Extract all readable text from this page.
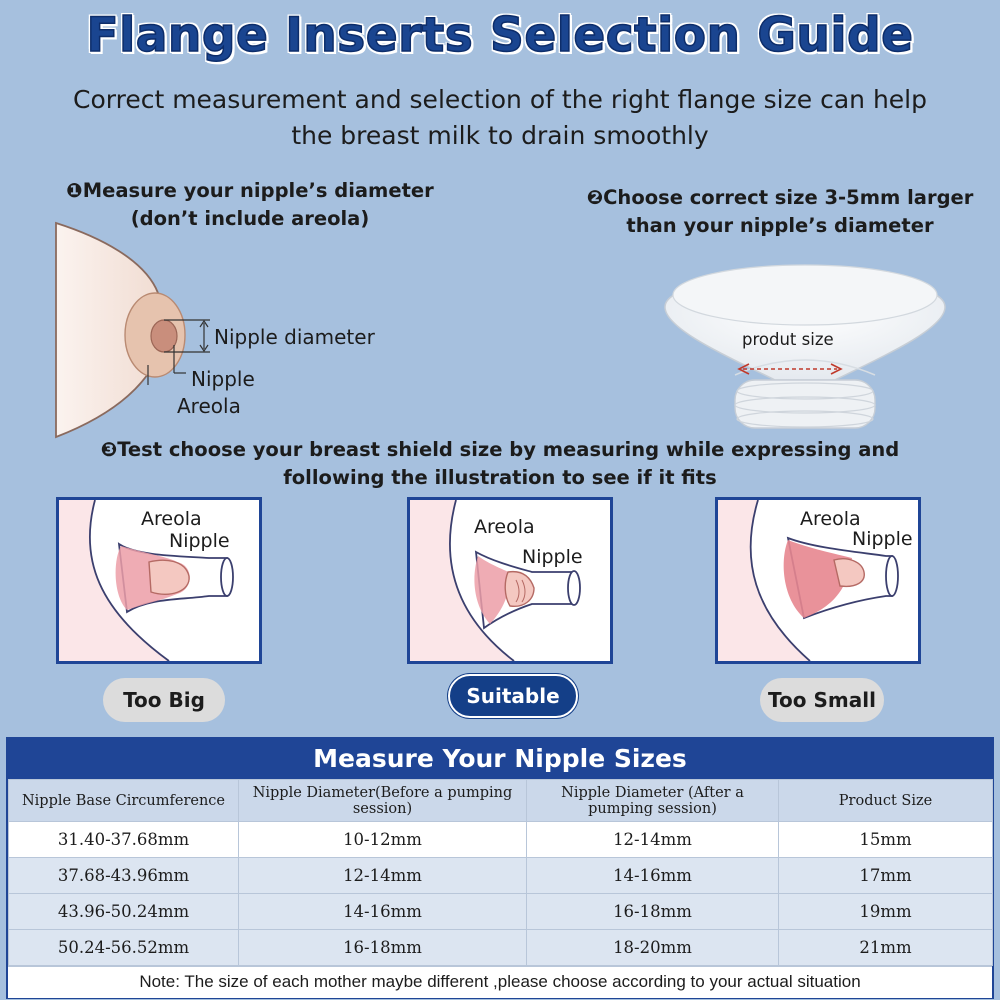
Flange Inserts Selection Guide
Correct measurement and selection of the right flange size can help
the breast milk to drain smoothly
❶Measure your nipple’s diameter
(don’t include areola)
Nipple diameter
Nipple
Areola
❷Choose correct size 3-5mm larger
than your nipple’s diameter
produt size
❸Test choose your breast shield size by measuring while expressing and
following the illustration to see if it fits
Areola
Nipple
Areola
Nipple
Areola
Nipple
Too Big	Suitable	Too Small
Measure Your Nipple Sizes
Nipple Base Circumference	Nipple Diameter(Before a pumping session)	Nipple Diameter (After a pumping session)	Product Size
31.40-37.68mm	10-12mm	12-14mm	15mm
37.68-43.96mm	12-14mm	14-16mm	17mm
43.96-50.24mm	14-16mm	16-18mm	19mm
50.24-56.52mm	16-18mm	18-20mm	21mm
Note: The size of each mother maybe different ,please choose according to your actual situation
